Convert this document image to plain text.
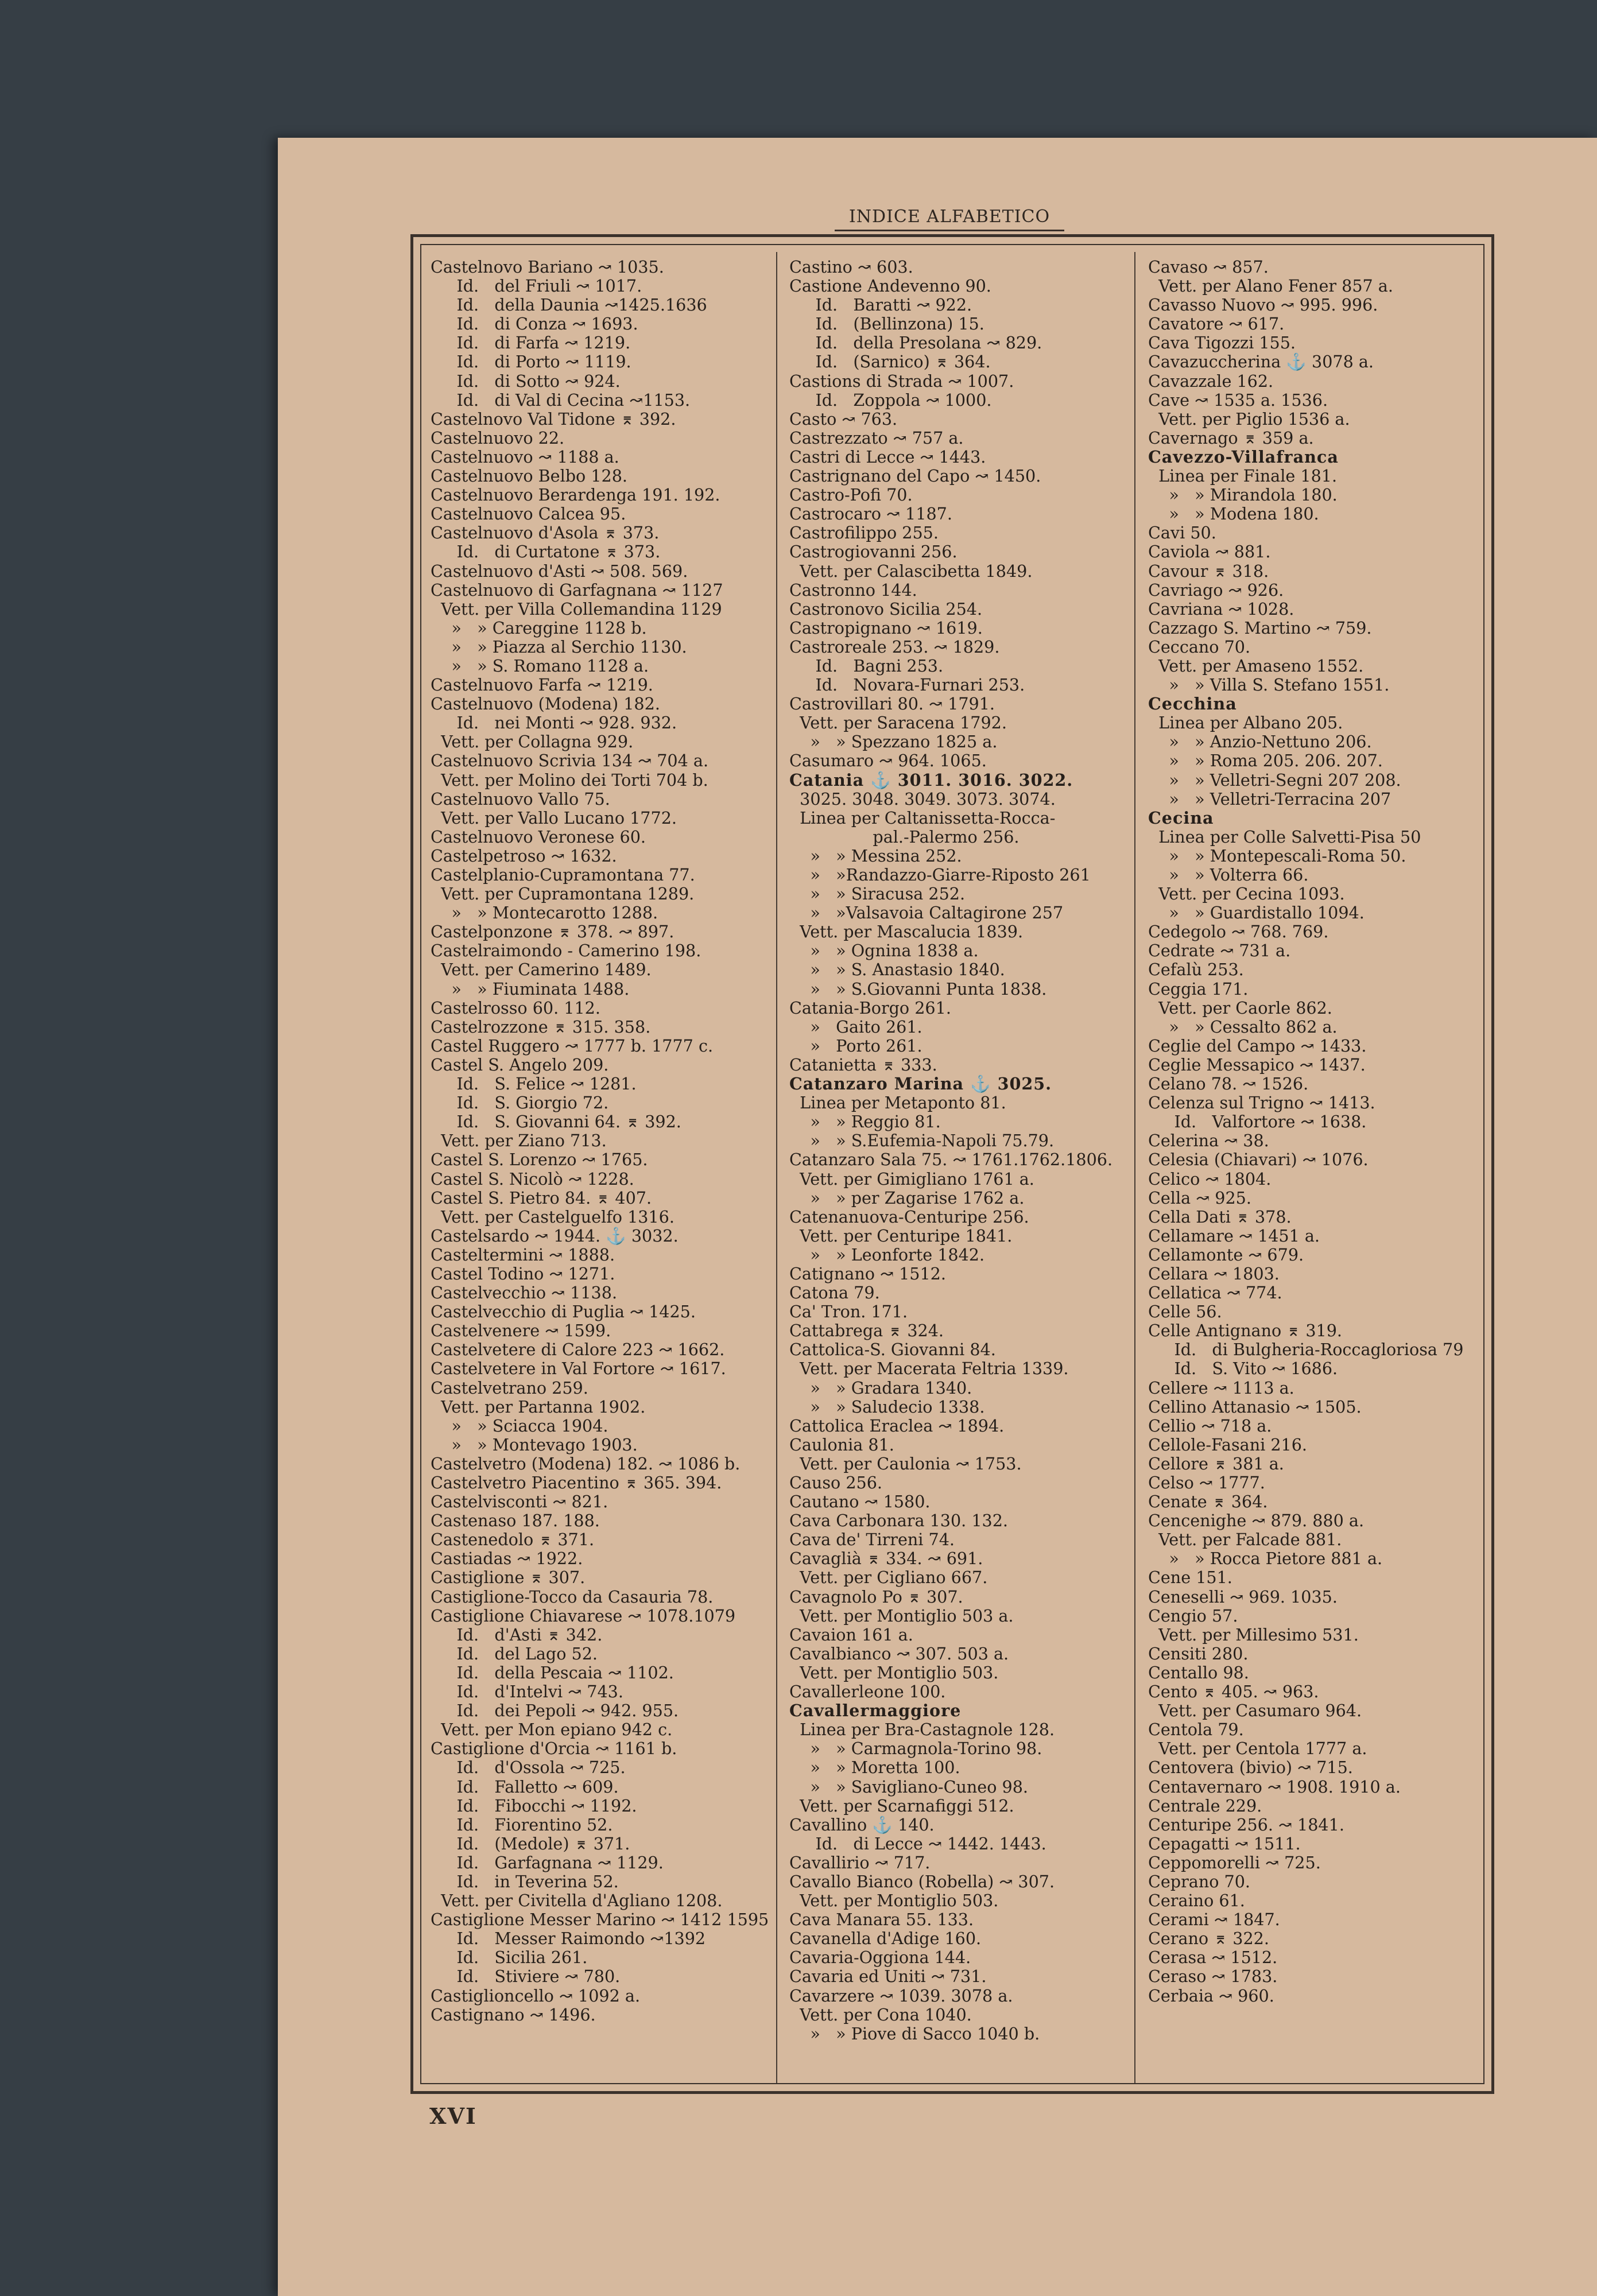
INDICE ALFABETICO
Castelnovo Bariano ↝ 1035.
Id.   del Friuli ↝ 1017.
Id.   della Daunia ↝1425.1636
Id.   di Conza ↝ 1693.
Id.   di Farfa ↝ 1219.
Id.   di Porto ↝ 1119.
Id.   di Sotto ↝ 924.
Id.   di Val di Cecina ↝1153.
Castelnovo Val Tidone ⌆ 392.
Castelnuovo 22.
Castelnuovo ↝ 1188 a.
Castelnuovo Belbo 128.
Castelnuovo Berardenga 191. 192.
Castelnuovo Calcea 95.
Castelnuovo d'Asola ⌆ 373.
Id.   di Curtatone ⌆ 373.
Castelnuovo d'Asti ↝ 508. 569.
Castelnuovo di Garfagnana ↝ 1127
Vett. per Villa Collemandina 1129
»   » Careggine 1128 b.
»   » Piazza al Serchio 1130.
»   » S. Romano 1128 a.
Castelnuovo Farfa ↝ 1219.
Castelnuovo (Modena) 182.
Id.   nei Monti ↝ 928. 932.
Vett. per Collagna 929.
Castelnuovo Scrivia 134 ↝ 704 a.
Vett. per Molino dei Torti 704 b.
Castelnuovo Vallo 75.
Vett. per Vallo Lucano 1772.
Castelnuovo Veronese 60.
Castelpetroso ↝ 1632.
Castelplanio-Cupramontana 77.
Vett. per Cupramontana 1289.
»   » Montecarotto 1288.
Castelponzone ⌆ 378. ↝ 897.
Castelraimondo - Camerino 198.
Vett. per Camerino 1489.
»   » Fiuminata 1488.
Castelrosso 60. 112.
Castelrozzone ⌆ 315. 358.
Castel Ruggero ↝ 1777 b. 1777 c.
Castel S. Angelo 209.
Id.   S. Felice ↝ 1281.
Id.   S. Giorgio 72.
Id.   S. Giovanni 64. ⌆ 392.
Vett. per Ziano 713.
Castel S. Lorenzo ↝ 1765.
Castel S. Nicolò ↝ 1228.
Castel S. Pietro 84. ⌆ 407.
Vett. per Castelguelfo 1316.
Castelsardo ↝ 1944. ⚓ 3032.
Casteltermini ↝ 1888.
Castel Todino ↝ 1271.
Castelvecchio ↝ 1138.
Castelvecchio di Puglia ↝ 1425.
Castelvenere ↝ 1599.
Castelvetere di Calore 223 ↝ 1662.
Castelvetere in Val Fortore ↝ 1617.
Castelvetrano 259.
Vett. per Partanna 1902.
»   » Sciacca 1904.
»   » Montevago 1903.
Castelvetro (Modena) 182. ↝ 1086 b.
Castelvetro Piacentino ⌆ 365. 394.
Castelvisconti ↝ 821.
Castenaso 187. 188.
Castenedolo ⌆ 371.
Castiadas ↝ 1922.
Castiglione ⌆ 307.
Castiglione-Tocco da Casauria 78.
Castiglione Chiavarese ↝ 1078.1079
Id.   d'Asti ⌆ 342.
Id.   del Lago 52.
Id.   della Pescaia ↝ 1102.
Id.   d'Intelvi ↝ 743.
Id.   dei Pepoli ↝ 942. 955.
Vett. per Mon epiano 942 c.
Castiglione d'Orcia ↝ 1161 b.
Id.   d'Ossola ↝ 725.
Id.   Falletto ↝ 609.
Id.   Fibocchi ↝ 1192.
Id.   Fiorentino 52.
Id.   (Medole) ⌆ 371.
Id.   Garfagnana ↝ 1129.
Id.   in Teverina 52.
Vett. per Civitella d'Agliano 1208.
Castiglione Messer Marino ↝ 1412 1595
Id.   Messer Raimondo ↝1392
Id.   Sicilia 261.
Id.   Stiviere ↝ 780.
Castiglioncello ↝ 1092 a.
Castignano ↝ 1496.
Castino ↝ 603.
Castione Andevenno 90.
Id.   Baratti ↝ 922.
Id.   (Bellinzona) 15.
Id.   della Presolana ↝ 829.
Id.   (Sarnico) ⌆ 364.
Castions di Strada ↝ 1007.
Id.   Zoppola ↝ 1000.
Casto ↝ 763.
Castrezzato ↝ 757 a.
Castri di Lecce ↝ 1443.
Castrignano del Capo ↝ 1450.
Castro-Pofi 70.
Castrocaro ↝ 1187.
Castrofilippo 255.
Castrogiovanni 256.
Vett. per Calascibetta 1849.
Castronno 144.
Castronovo Sicilia 254.
Castropignano ↝ 1619.
Castroreale 253. ↝ 1829.
Id.   Bagni 253.
Id.   Novara-Furnari 253.
Castrovillari 80. ↝ 1791.
Vett. per Saracena 1792.
»   » Spezzano 1825 a.
Casumaro ↝ 964. 1065.
Catania ⚓ 3011. 3016. 3022.
3025. 3048. 3049. 3073. 3074.
Linea per Caltanissetta-Rocca-
pal.-Palermo 256.
»   » Messina 252.
»   »Randazzo-Giarre-Riposto 261
»   » Siracusa 252.
»   »Valsavoia Caltagirone 257
Vett. per Mascalucia 1839.
»   » Ognina 1838 a.
»   » S. Anastasio 1840.
»   » S.Giovanni Punta 1838.
Catania-Borgo 261.
»   Gaito 261.
»   Porto 261.
Catanietta ⌆ 333.
Catanzaro Marina ⚓ 3025.
Linea per Metaponto 81.
»   » Reggio 81.
»   » S.Eufemia-Napoli 75.79.
Catanzaro Sala 75. ↝ 1761.1762.1806.
Vett. per Gimigliano 1761 a.
»   » per Zagarise 1762 a.
Catenanuova-Centuripe 256.
Vett. per Centuripe 1841.
»   » Leonforte 1842.
Catignano ↝ 1512.
Catona 79.
Ca' Tron. 171.
Cattabrega ⌆ 324.
Cattolica-S. Giovanni 84.
Vett. per Macerata Feltria 1339.
»   » Gradara 1340.
»   » Saludecio 1338.
Cattolica Eraclea ↝ 1894.
Caulonia 81.
Vett. per Caulonia ↝ 1753.
Causo 256.
Cautano ↝ 1580.
Cava Carbonara 130. 132.
Cava de' Tirreni 74.
Cavaglià ⌆ 334. ↝ 691.
Vett. per Cigliano 667.
Cavagnolo Po ⌆ 307.
Vett. per Montiglio 503 a.
Cavaion 161 a.
Cavalbianco ↝ 307. 503 a.
Vett. per Montiglio 503.
Cavallerleone 100.
Cavallermaggiore
Linea per Bra-Castagnole 128.
»   » Carmagnola-Torino 98.
»   » Moretta 100.
»   » Savigliano-Cuneo 98.
Vett. per Scarnafiggi 512.
Cavallino ⚓ 140.
Id.   di Lecce ↝ 1442. 1443.
Cavallirio ↝ 717.
Cavallo Bianco (Robella) ↝ 307.
Vett. per Montiglio 503.
Cava Manara 55. 133.
Cavanella d'Adige 160.
Cavaria-Oggiona 144.
Cavaria ed Uniti ↝ 731.
Cavarzere ↝ 1039. 3078 a.
Vett. per Cona 1040.
»   » Piove di Sacco 1040 b.
Cavaso ↝ 857.
Vett. per Alano Fener 857 a.
Cavasso Nuovo ↝ 995. 996.
Cavatore ↝ 617.
Cava Tigozzi 155.
Cavazuccherina ⚓ 3078 a.
Cavazzale 162.
Cave ↝ 1535 a. 1536.
Vett. per Piglio 1536 a.
Cavernago ⌆ 359 a.
Cavezzo-Villafranca
Linea per Finale 181.
»   » Mirandola 180.
»   » Modena 180.
Cavi 50.
Caviola ↝ 881.
Cavour ⌆ 318.
Cavriago ↝ 926.
Cavriana ↝ 1028.
Cazzago S. Martino ↝ 759.
Ceccano 70.
Vett. per Amaseno 1552.
»   » Villa S. Stefano 1551.
Cecchina
Linea per Albano 205.
»   » Anzio-Nettuno 206.
»   » Roma 205. 206. 207.
»   » Velletri-Segni 207 208.
»   » Velletri-Terracina 207
Cecina
Linea per Colle Salvetti-Pisa 50
»   » Montepescali-Roma 50.
»   » Volterra 66.
Vett. per Cecina 1093.
»   » Guardistallo 1094.
Cedegolo ↝ 768. 769.
Cedrate ↝ 731 a.
Cefalù 253.
Ceggia 171.
Vett. per Caorle 862.
»   » Cessalto 862 a.
Ceglie del Campo ↝ 1433.
Ceglie Messapico ↝ 1437.
Celano 78. ↝ 1526.
Celenza sul Trigno ↝ 1413.
Id.   Valfortore ↝ 1638.
Celerina ↝ 38.
Celesia (Chiavari) ↝ 1076.
Celico ↝ 1804.
Cella ↝ 925.
Cella Dati ⌆ 378.
Cellamare ↝ 1451 a.
Cellamonte ↝ 679.
Cellara ↝ 1803.
Cellatica ↝ 774.
Celle 56.
Celle Antignano ⌆ 319.
Id.   di Bulgheria-Roccagloriosa 79
Id.   S. Vito ↝ 1686.
Cellere ↝ 1113 a.
Cellino Attanasio ↝ 1505.
Cellio ↝ 718 a.
Cellole-Fasani 216.
Cellore ⌆ 381 a.
Celso ↝ 1777.
Cenate ⌆ 364.
Cencenighe ↝ 879. 880 a.
Vett. per Falcade 881.
»   » Rocca Pietore 881 a.
Cene 151.
Ceneselli ↝ 969. 1035.
Cengio 57.
Vett. per Millesimo 531.
Censiti 280.
Centallo 98.
Cento ⌆ 405. ↝ 963.
Vett. per Casumaro 964.
Centola 79.
Vett. per Centola 1777 a.
Centovera (bivio) ↝ 715.
Centavernaro ↝ 1908. 1910 a.
Centrale 229.
Centuripe 256. ↝ 1841.
Cepagatti ↝ 1511.
Ceppomorelli ↝ 725.
Ceprano 70.
Ceraino 61.
Cerami ↝ 1847.
Cerano ⌆ 322.
Cerasa ↝ 1512.
Ceraso ↝ 1783.
Cerbaia ↝ 960.
XVI
